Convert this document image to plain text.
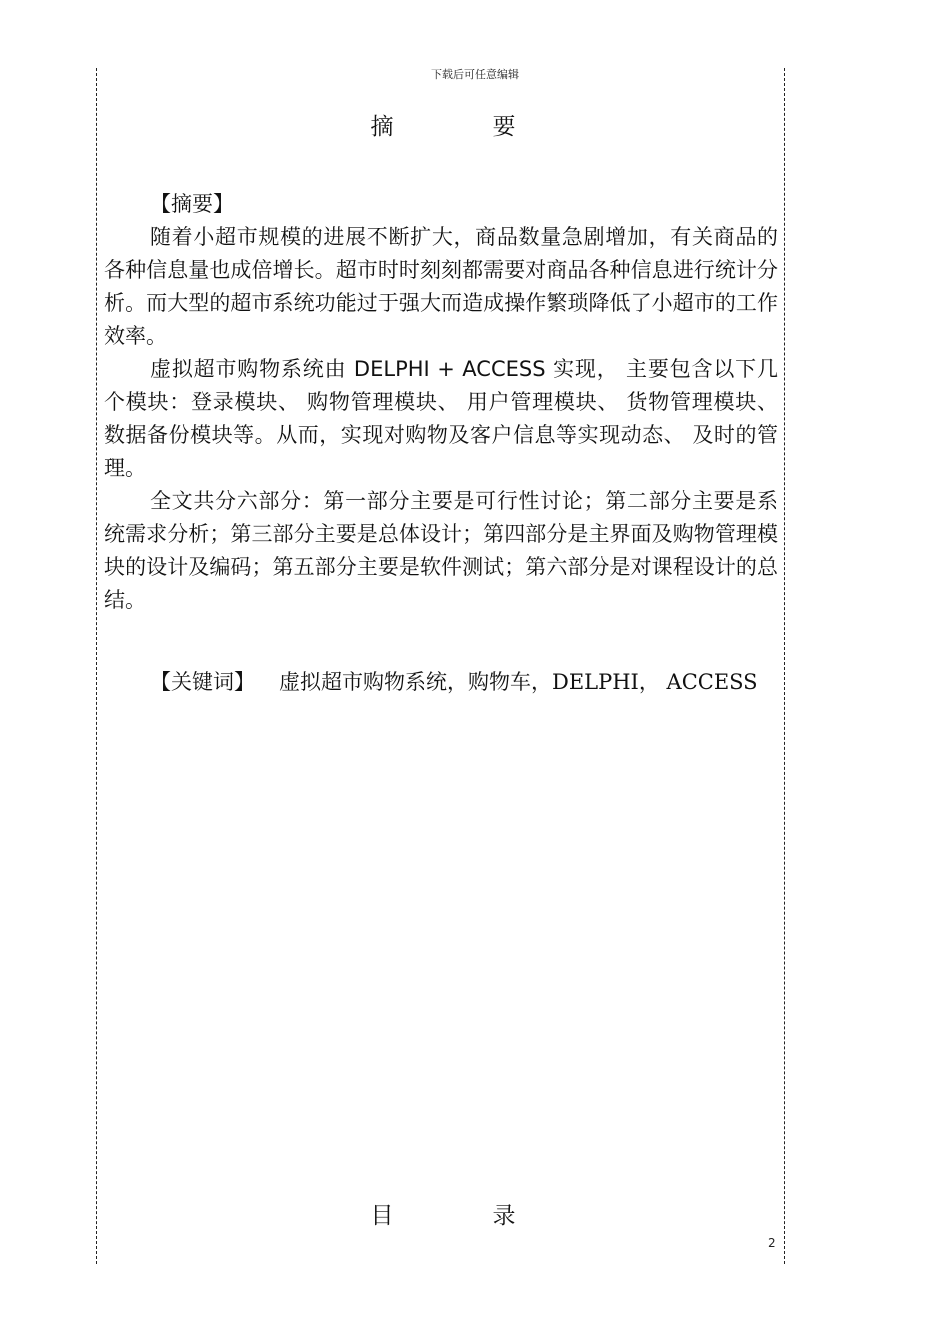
下载后可任意编辑
摘　要
【摘要】

随着小超市规模的进展不断扩大，商品数量急剧增加，有关商品的各种信息量也成倍增长。超市时时刻刻都需要对商品各种信息进行统计分析。而大型的超市系统功能过于强大而造成操作繁琐降低了小超市的工作效率。

虚拟超市购物系统由 DELPHI + ACCESS 实现， 主要包含以下几个模块：登录模块、 购物管理模块、 用户管理模块、 货物管理模块、 数据备份模块等。从而，实现对购物及客户信息等实现动态、 及时的管理。

全文共分六部分：第一部分主要是可行性讨论；第二部分主要是系统需求分析；第三部分主要是总体设计；第四部分是主界面及购物管理模块的设计及编码；第五部分主要是软件测试；第六部分是对课程设计的总结。

【关键词】 虚拟超市购物系统，购物车，DELPHI， ACCESS
目　录
2
